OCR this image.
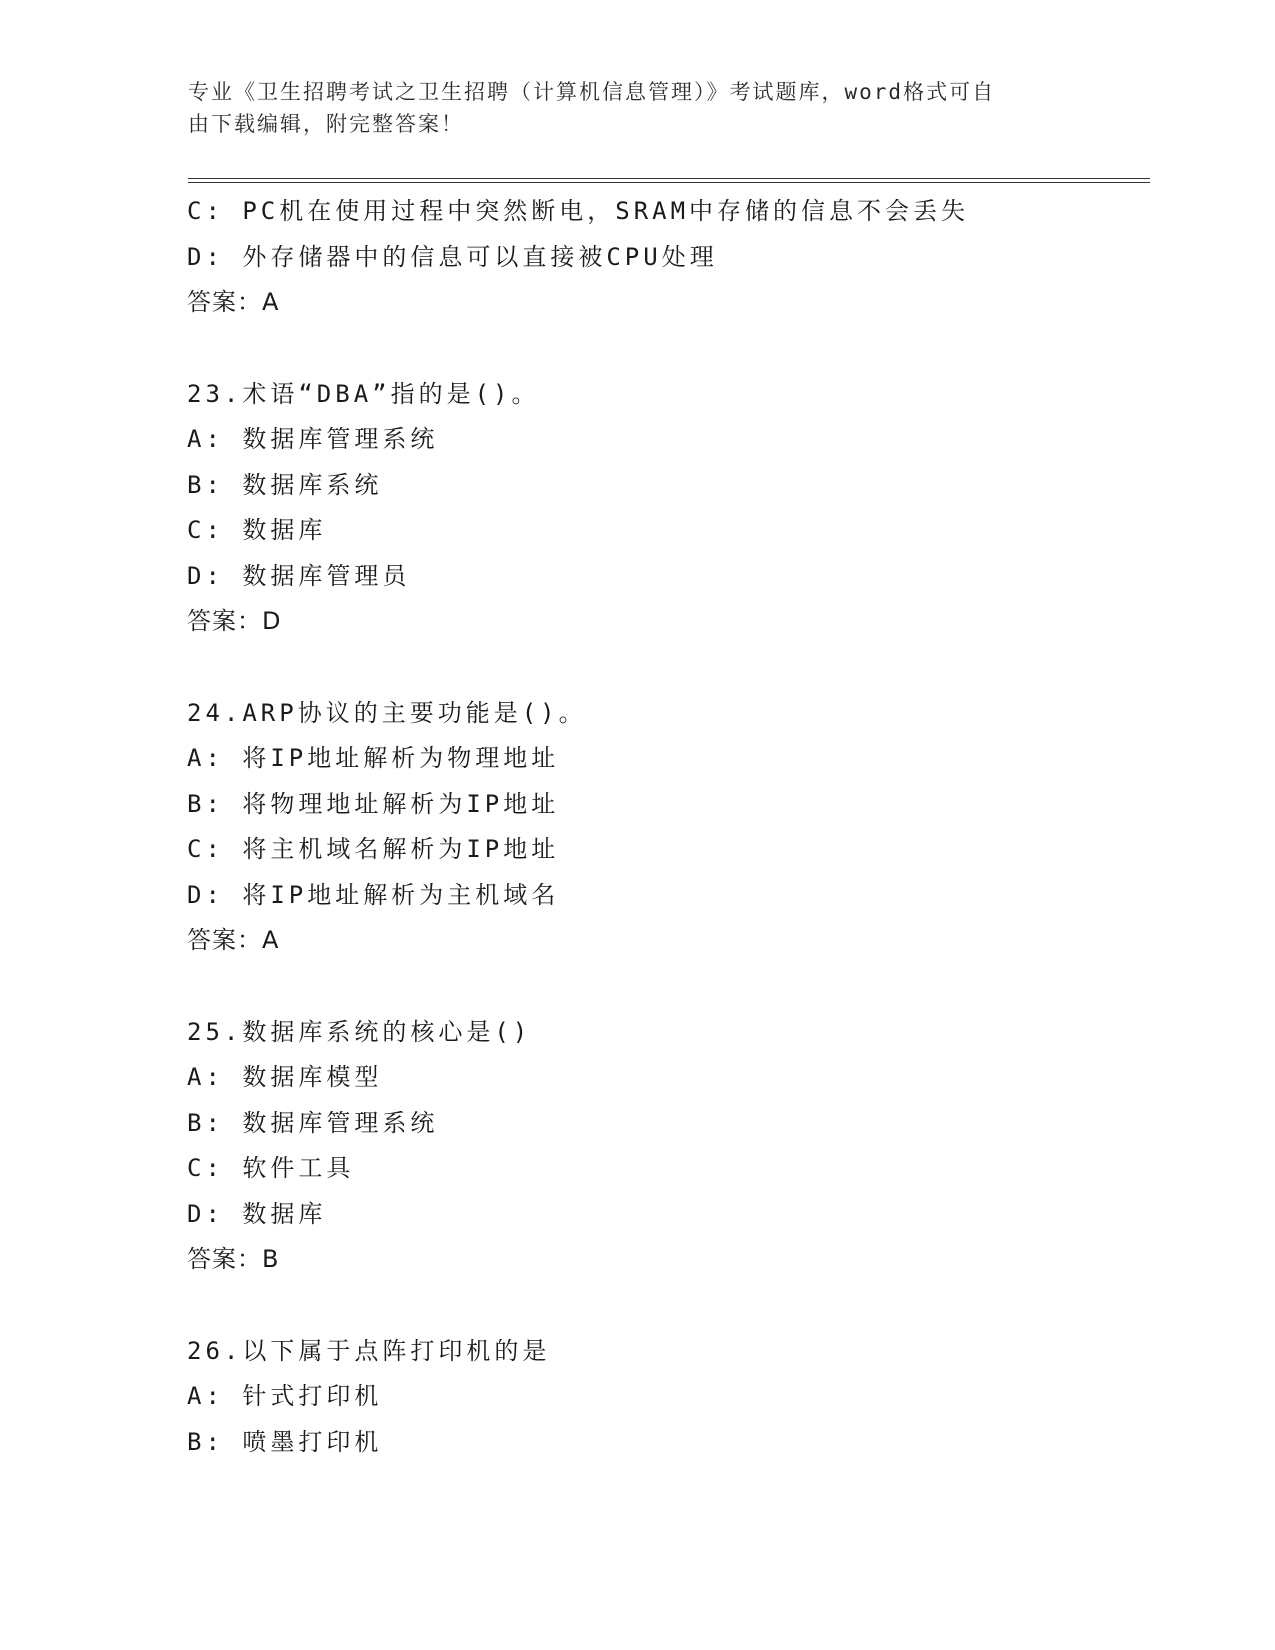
专业《卫生招聘考试之卫生招聘（计算机信息管理）》考试题库，word格式可自
由下载编辑，附完整答案！
C: PC机在使用过程中突然断电，SRAM中存储的信息不会丢失
D: 外存储器中的信息可以直接被CPU处理
答案：A
23.术语“DBA”指的是()。
A: 数据库管理系统
B: 数据库系统
C: 数据库
D: 数据库管理员
答案：D
24.ARP协议的主要功能是()。
A: 将IP地址解析为物理地址
B: 将物理地址解析为IP地址
C: 将主机域名解析为IP地址
D: 将IP地址解析为主机域名
答案：A
25.数据库系统的核心是()
A: 数据库模型
B: 数据库管理系统
C: 软件工具
D: 数据库
答案：B
26.以下属于点阵打印机的是
A: 针式打印机
B: 喷墨打印机
